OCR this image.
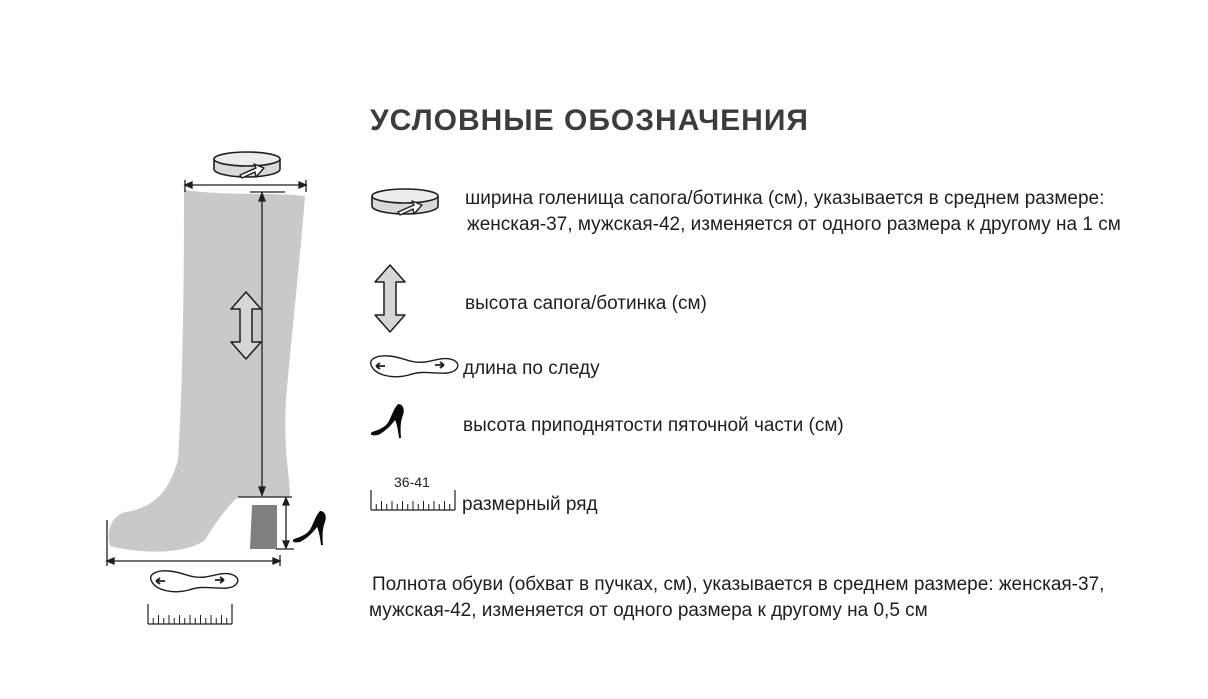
УСЛОВНЫЕ ОБОЗНАЧЕНИЯ
ширина голенища сапога/ботинка (см), указывается в среднем размере:
женская-37, мужская-42, изменяется от одного размера к другому на 1 см
высота сапога/ботинка (см)
длина по следу
высота приподнятости пяточной части (см)
36-41
размерный ряд
Полнота обуви (обхват в пучках, см), указывается в среднем размере: женская-37,
мужская-42, изменяется от одного размера к другому на 0,5 см
